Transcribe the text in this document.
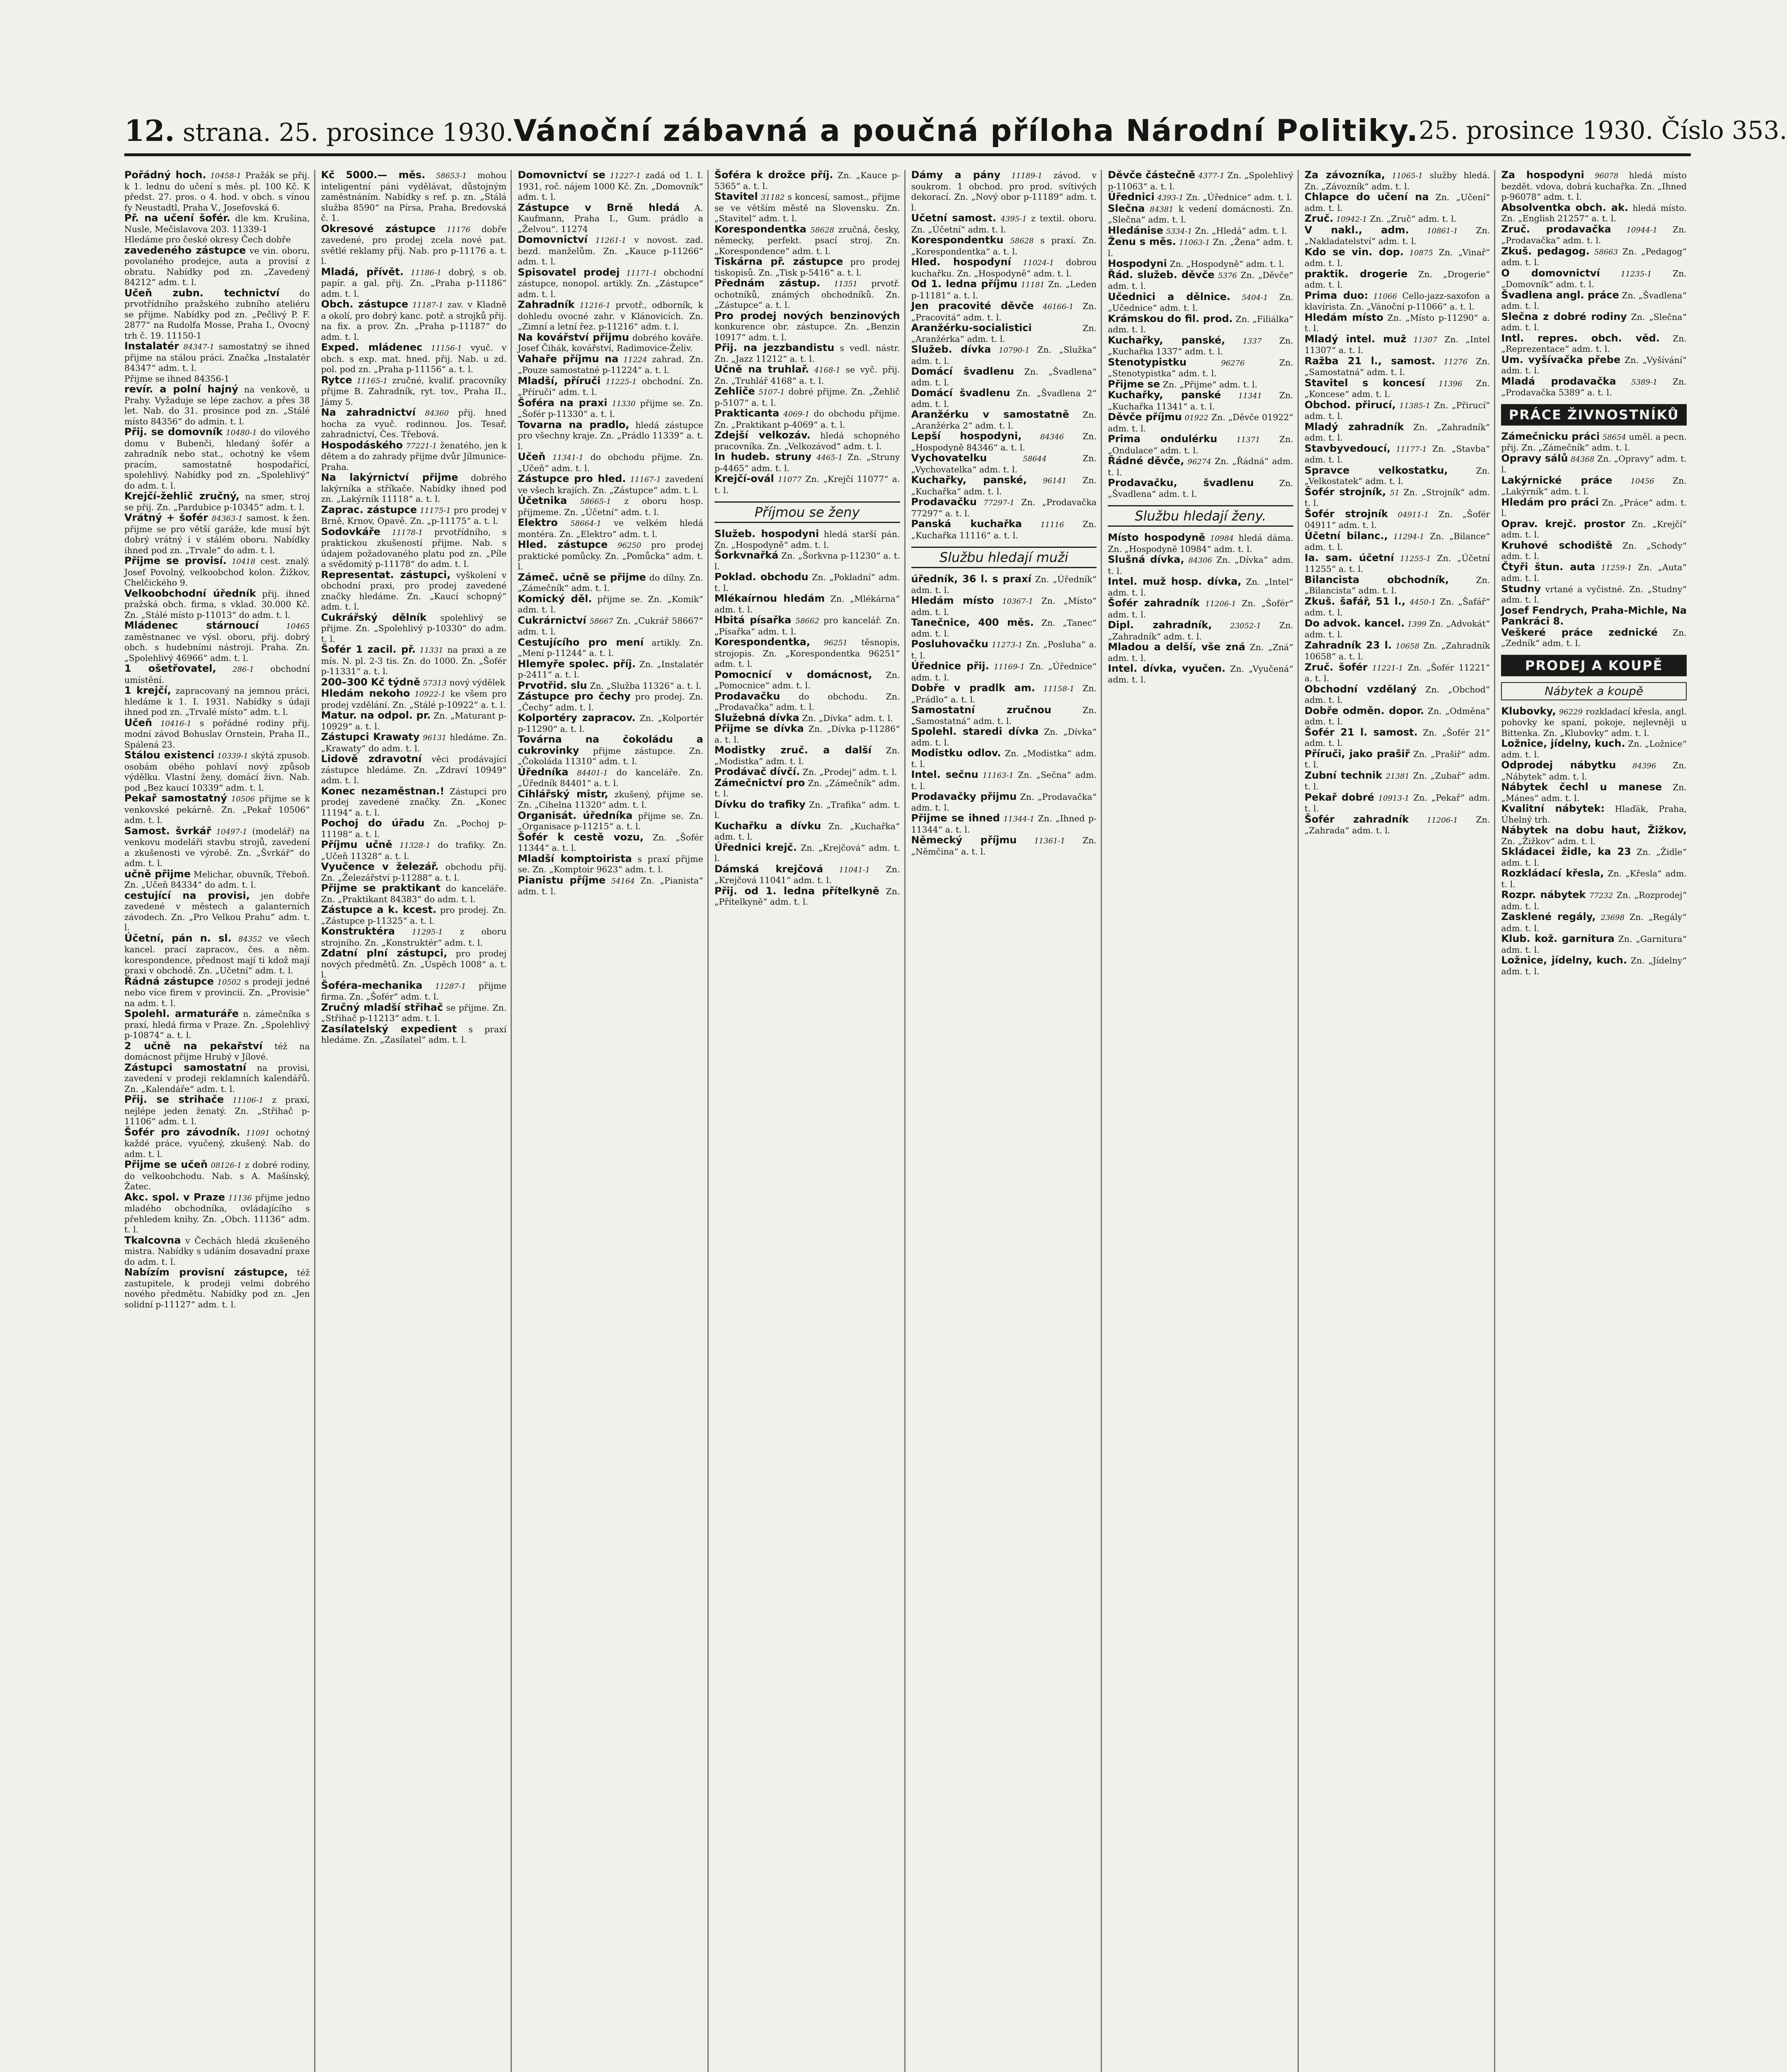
12. strana. 25. prosince 1930. Vánoční zábavná a poučná příloha Národní Politiky. 25. prosince 1930. Číslo 353.

Pořádný hoch. 10458-1 Pražák se přij. k 1. lednu do učení s měs. pl. 100 Kč. K předst. 27. pros. o 4. hod. v obch. s vínou fy Neustadtl, Praha V., Josefovská 6.

Př. na učení šofér. dle km. Krušina, Nusle, Mečislavova 203. 11339-1

Hledáme pro české okresy Čech dobře

zavedeného zástupce ve vin. oboru, povolaného prodejce, auta a provisí z obratu. Nabídky pod zn. „Zavedený 84212“ adm. t. l.

Učeň zubn. technictví do prvotřídního pražského zubního ateliéru se přijme. Nabídky pod zn. „Pečlivý P. F. 2877“ na Rudolfa Mosse, Praha I., Ovocný trh č. 19. 11150-1

Instalatér 84347-1 samostatný se ihned přijme na stálou práci. Značka „Instalatér 84347“ adm. t. l.

Přijme se ihned 84356-1

revír. a polní hajný na venkově, u Prahy. Vyžaduje se lépe zachov. a přes 38 let. Nab. do 31. prosince pod zn. „Stálé místo 84356“ do admin. t. l.

Přij. se domovník 10480-1 do vilového domu v Bubenči, hledaný šofér a zahradník nebo stat., ochotný ke všem pracím, samostatně hospodařící, spolehlivý. Nabídky pod zn. „Spolehlivý“ do adm. t. l.

Krejčí-žehlič zručný, na smer, stroj se přij. Zn. „Pardubice p-10345“ adm. t. l.

Vrátný + šofér 84363-1 samost. k žen. přijme se pro větší garáže, kde musí být dobrý vrátný i v stálém oboru. Nabídky ihned pod zn. „Trvale“ do adm. t. l.

Přijme se provisí. 10418 cest. znalý. Josef Povolný, velkoobchod kolon. Žižkov, Chelčického 9.

Velkoobchodní úředník přij. ihned pražská obch. firma, s vklad. 30.000 Kč. Zn. „Stálé místo p-11013“ do adm. t. l.

Mládenec stárnoucí	10465 zaměstnanec ve výsl. oboru, přij. dobrý obch. s hudebními nástroji. Praha. Zn. „Spolehlivý 46966“ adm. t. l.

1 ošetřovatel, 286-1 obchodní umístění.

1 krejčí, zapracovaný na jemnou práci, hledáme k 1. I. 1931. Nabídky s údaji ihned pod zn. „Trvalé místo“ adm. t. l.

Učeň 10416-1 s pořádné rodiny přij. modní závod Bohuslav Ornstein, Praha II., Spálená 23.

Stálou existenci 10339-1 skýtá zpusob. osobám obého pohlaví nový způsob výdělku. Vlastní ženy, domácí živn. Nab. pod „Bez kaucí 10339“ adm. t. l.

Pekař samostatný 10506 přijme se k venkovské pekárně. Zn. „Pekař 10506“ adm. t. l.

Samost. švrkář 10497-1 (modelář) na venkovu modeláři stavbu strojů, zavedení a zkušenosti ve výrobě. Zn. „Švrkář“ do adm. t. l.

učně přijme Melichar, obuvník, Třeboň. Zn. „Učeň 84334“ do adm. t. l.

cestující na provisi, jen dobře zavedené v městech a galanterních závodech. Zn. „Pro Velkou Prahu“ adm. t. l.

Účetní, pán n. sl. 84352 ve všech kancel. prací zapracov., čes. a něm. korespondence, přednost mají ti kdož mají praxi v obchodě. Zn. „Učetní“ adm. t. l.

Řádná zástupce 10502 s prodeji jedné nebo více firem v provincii. Zn. „Provisie“ na adm. t. l.

Spolehl. armaturáře n. zámečníka s praxí, hledá firma v Praze. Zn. „Spolehlivý p-10874“ a. t. l.

2 učně na pekařství též na domácnost přijme Hrubý v Jílové.

Zástupci samostatní na provisi, zavedení v prodeji reklamních kalendářů. Zn. „Kalendáře“ adm. t. l.

Přij. se strihače 11106-1 z praxí, nejlépe jeden ženatý. Zn. „Střihač p-11106“ adm. t. l.

Šofér pro závodník. 11091 ochotný každé práce, vyučený, zkušený. Nab. do adm. t. l.

Přijme se učeň 08126-1 z dobré rodiny, do velkoobchodu. Nab. s A. Mašínský, Žatec.

Akc. spol. v Praze 11136 přijme jedno mladého obchodníka, ovládajícího s přehledem knihy. Zn. „Obch. 11136“ adm. t. l.

Tkalcovna v Čechách hledá zkušeného mistra. Nabídky s udáním dosavadní praxe do adm. t. l.

Nabízím provisní zástupce, též zastupitele, k prodeji velmi dobrého nového předmětu. Nabídky pod zn. „Jen solidní p-11127“ adm. t. l.

Kč 5000.— měs. 58653-1 mohou inteligentní páni vydělávat, důstojným zaměstnáním. Nabídky s ref. p. zn. „Stálá služba 8590“ na Pírsa, Praha, Bredovská č. 1.

Okresové zástupce 11176 dobře zavedené, pro prodej zcela nové pat. světlé reklamy přij. Nab. pro p-11176 a. t. l.

Mladá, přívět. 11186-1 dobrý, s ob. papír. a gal. přij. Zn. „Praha p-11186“ adm. t. l.

Obch. zástupce 11187-1 zav. v Kladně a okolí, pro dobrý kanc. potř. a strojků přij. na fix. a prov. Zn. „Praha p-11187“ do adm. t. l.

Exped. mládenec 11156-1 vyuč. v obch. s exp. mat. hned. přij. Nab. u zd. pol. pod zn. „Praha p-11156“ a. t. l.

Rytce 11165-1 zručné, kvalif. pracovníky přijme B. Zahradník, ryt. tov., Praha II., Jámy 5.

Na zahradnictví 84360 přij. hned hocha za vyuč. rodinnou. Jos. Tesař, zahradnictví, Čes. Třebová.

Hospodáského 77221-1 ženatého, jen k dětem a do zahrady přijme dvůr Jílmunice-Praha.

Na lakýrnictví přijme dobrého lakýrníka a stříkače. Nabídky ihned pod zn. „Lakýrník 11118“ a. t. l.

Zaprac. zástupce 11175-1 pro prodej v Brně, Krnov, Opavě. Zn. „p-11175“ a. t. l.

Sodovkáře 11178-1 prvotřídního, s praktickou zkušeností přijme. Nab. s údajem požadovaného platu pod zn. „Píle a svědomitý p-11178“ do adm. t. l.

Representat. zástupci, vyškolení v obchodní praxi, pro prodej zavedené značky hledáme. Zn. „Kaucí schopný“ adm. t. l.

Cukrářský dělník spolehlivý se přijme. Zn. „Spolehlivý p-10330“ do adm. t. l.

Šofér 1 zacil. př. 11331 na praxi a ze mís. N. pl. 2-3 tis. Zn. do 1000. Zn. „Šofér p-11331“ a. t. l.

200–300 Kč týdně 57313 nový výdělek

Hledám nekoho 10922-1 ke všem pro prodej vzdělání. Zn. „Stálé p-10922“ a. t. l.

Matur. na odpol. pr. Zn. „Maturant p-10929“ a. t. l.

Zástupci Krawaty 96131 hledáme. Zn. „Krawaty“ do adm. t. l.

Lidově zdravotní věci prodávající zástupce hledáme. Zn. „Zdraví 10949“ adm. t. l.

Konec nezaměstnan.! Zástupci pro prodej zavedené značky. Zn. „Konec 11194“ a. t. l.

Pochoj do úřadu Zn. „Pochoj p-11198“ a. t. l.

Příjmu učně 11328-1 do trafiky. Zn. „Učeň 11328“ a. t. l.

Vyučence v železář. obchodu přij. Zn. „Železářství p-11288“ a. t. l.

Přijme se praktikant do kanceláře. Zn. „Praktikant 84383“ do adm. t. l.

Zástupce a k. kcest. pro prodej. Zn. „Zástupce p-11325“ a. t. l.

Konstruktéra 11295-1 z oboru strojního. Zn. „Konstruktér“ adm. t. l.

Zdatní plní zástupci, pro prodej nových předmětů. Zn. „Úspěch 1008“ a. t. l.

Šoféra-mechanika 11287-1 přijme firma. Zn. „Šofér“ adm. t. l.

Zručný mladší střihač se přijme. Zn. „Střihač p-11213“ adm. t. l.

Zasílatelský expedient s praxí hledáme. Zn. „Zasílatel“ adm. t. l.

Domovnictví se 11227-1 zadá od 1. I. 1931, roč. nájem 1000 Kč. Zn. „Domovník“ adm. t. l.

Zástupce v Brně hledá A. Kaufmann, Praha I., Gum. prádlo a „Želvou“. 11274

Domovnictví 11261-1 v novost. zad. bezd. manželům. Zn. „Kauce p-11266“ adm. t. l.

Spisovatel prodej 11171-1 obchodní zástupce, nonopol. artikly. Zn. „Zástupce“ adm. t. l.

Zahradník 11216-1 prvotř., odborník, k dohledu ovocné zahr. v Klánovicích. Zn. „Zimní a letní řez. p-11216“ adm. t. l.

Na kovářství přijmu dobrého kováře. Josef Čihák, kovářství, Radimovice-Želiv.

Vahaře příjmu na 11224 zahrad. Zn. „Pouze samostatné p-11224“ a. t. l.

Mladší, příruči 11225-1 obchodní. Zn. „Příruči“ adm. t. l.

Šoféra na praxi 11330 přijme se. Zn. „Šofér p-11330“ a. t. l.

Tovarna na pradlo, hledá zástupce pro všechny kraje. Zn. „Prádlo 11339“ a. t. l.

Učeň 11341-1 do obchodu přijme. Zn. „Učeň“ adm. t. l.

Zástupce pro hled. 11167-1 zavedení ve všech krajích. Zn. „Zástupce“ adm. t. l.

Účetnika 58665-1 z oboru hosp. přijmeme. Zn. „Účetní“ adm. t. l.

Elektro 58664-1 ve velkém hledá montéra. Zn. „Elektro“ adm. t. l.

Hled. zástupce 96250 pro prodej praktické pomůcky. Zn. „Pomůcka“ adm. t. l.

Zámeč. učně se přijme do dílny. Zn. „Zámečník“ adm. t. l.

Komický děl. přijme se. Zn. „Komik“ adm. t. l.

Cukrárnictví 58667 Zn. „Cukrář 58667“ adm. t. l.

Cestujícího pro mení artikly. Zn. „Mení p-11244“ a. t. l.

Hlemyře spolec. příj. Zn. „Instalatér p-2411“ a. t. l.

Prvotřid. slu Zn. „Služba 11326“ a. t. l.

Zástupce pro čechy pro prodej. Zn. „Čechy“ adm. t. l.

Kolportéry zapracov. Zn. „Kolportér p-11290“ a. t. l.

Továrna na čokoládu a cukrovinky přijme zástupce. Zn. „Čokoláda 11310“ adm. t. l.

Úředníka 84401-1 do kanceláře. Zn. „Úředník 84401“ a. t. l.

Cihlářský mistr, zkušený, přijme se. Zn. „Cihelna 11320“ adm. t. l.

Organisát. úředníka přijme se. Zn. „Organisace p-11215“ a. t. l.

Šofér k cestě vozu, Zn. „Šofér 11344“ a. t. l.

Mladší komptoirista s praxí přijme se. Zn. „Komptoir 9623“ adm. t. l.

Pianistu příjme 54164 Zn. „Pianista“ adm. t. l.

Šoféra k drožce příj. Zn. „Kauce p-5365“ a. t. l.

Stavitel 31182 s koncesí, samost., přijme se ve větším městě na Slovensku. Zn. „Stavitel“ adm. t. l.

Korespondentka 58628 zručná, česky, německy, perfekt. psací stroj. Zn. „Korespondence“ adm. t. l.

Tiskárna př. zástupce pro prodej tiskopisů. Zn. „Tisk p-5416“ a. t. l.

Přednám zástup. 11351 prvotř. ochotníků, známých obchodníků. Zn. „Zástupce“ a. t. l.

Pro prodej nových benzinových konkurence obr. zástupce. Zn. „Benzin 10917“ adm. t. l.

Přij. na jezzbandistu s vedl. nástr. Zn. „Jazz 11212“ a. t. l.

Učně na truhlař. 4168-1 se vyč. přij. Zn. „Truhlář 4168“ a. t. l.

Zehliče 5107-1 dobré přijme. Zn. „Žehlič p-5107“ a. t. l.

Prakticanta 4069-1 do obchodu přijme. Zn. „Praktikant p-4069“ a. t. l.

Zdejší velkozáv. hledá schopného pracovníka. Zn. „Velkozávod“ adm. t. l.

In hudeb. struny 4465-1 Zn. „Struny p-4465“ adm. t. l.

Krejčí-ovál 11077 Zn. „Krejčí 11077“ a. t. l.

Příjmou se ženy

Služeb. hospodyni hledá starší pán. Zn. „Hospodyně“ adm. t. l.

Šorkvnařká Zn. „Šorkvna p-11230“ a. t. l.

Poklad. obchodu Zn. „Pokladní“ adm. t. l.

Mlékaírnou hledám Zn. „Mlékárna“ adm. t. l.

Hbitá písařka 58662 pro kancelář. Zn. „Písařka“ adm. t. l.

Korespondentka, 96251 těsnopis, strojopis. Zn. „Korespondentka 96251“ adm. t. l.

Pomocnicí v domácnost, Zn. „Pomocnice“ adm. t. l.

Prodavačku do obchodu. Zn. „Prodavačka“ adm. t. l.

Služebná dívka Zn. „Dívka“ adm. t. l.

Přijme se dívka Zn. „Dívka p-11286“ a. t. l.

Modistky zruč. a další Zn. „Modistka“ adm. t. l.

Prodávač dívčí. Zn. „Prodej“ adm. t. l.

Zámečnictví pro Zn. „Zámečník“ adm. t. l.

Dívku do trafiky Zn. „Trafika“ adm. t. l.

Kuchařku a dívku Zn. „Kuchařka“ adm. t. l.

Úřednici krejč. Zn. „Krejčová“ adm. t. l.

Dámská krejčová 11041-1 Zn. „Krejčová 11041“ adm. t. l.

Přij. od 1. ledna přítelkyně Zn. „Přítelkyně“ adm. t. l.

Dámy a pány 11189-1 závod. v soukrom. 1 obchod. pro prod. svítivých dekorací. Zn. „Nový obor p-11189“ adm. t. l.

Učetní samost. 4395-1 z textil. oboru. Zn. „Účetní“ adm. t. l.

Korespondentku 58628 s praxí. Zn. „Korespondentka“ a. t. l.

Hled. hospodyní 11024-1 dobrou kuchařku. Zn. „Hospodyně“ adm. t. l.

Od 1. ledna příjmu 11181 Zn. „Leden p-11181“ a. t. l.

Jen pracovité děvče 46166-1 Zn. „Pracovitá“ adm. t. l.

Aranžérku-socialistici	Zn. „Aranžérka“ adm. t. l.

Služeb. dívka 10790-1 Zn. „Služka“ adm. t. l.

Domácí švadlenu Zn. „Švadlena“ adm. t. l.

Domácí švadlenu Zn. „Švadlena 2“ adm. t. l.

Aranžérku v samostatně Zn. „Aranžérka 2“ adm. t. l.

Lepší hospodyni, 84346 Zn. „Hospodyně 84346“ a. t. l.

Vychovatelku	58644	Zn. „Vychovatelka“ adm. t. l.

Kuchařky, panské, 96141 Zn. „Kuchařka“ adm. t. l.

Prodavačku 77297-1 Zn. „Prodavačka 77297“ a. t. l.

Panská kuchařka 11116 Zn. „Kuchařka 11116“ a. t. l.

Službu hledají muži

úředník, 36 l. s praxí Zn. „Úředník“ adm. t. l.

Hledám místo 10367-1 Zn. „Místo“ adm. t. l.

Tanečnice, 400 měs. Zn. „Tanec“ adm. t. l.

Posluhovačku 11273-1 Zn. „Posluha“ a. t. l.

Úřednice přij. 11169-1 Zn. „Úřednice“ adm. t. l.

Dobře v pradlk am. 11158-1 Zn. „Prádlo“ a. t. l.

Samostatní zručnou	Zn. „Samostatná“ adm. t. l.

Spolehl. staredi dívka Zn. „Dívka“ adm. t. l.

Modistku odlov. Zn. „Modistka“ adm. t. l.

Intel. sečnu 11163-1 Zn. „Sečna“ adm. t. l.

Prodavačky přijmu Zn. „Prodavačka“ adm. t. l.

Přijme se ihned 11344-1 Zn. „Ihned p-11344“ a. t. l.

Německý příjmu 11361-1 Zn. „Němčina“ a. t. l.

Děvče částečně 4377-1 Zn. „Spolehlivý p-11063“ a. t. l.

Úřednici 4393-1 Zn. „Úřednice“ adm. t. l.

Slečna 84381 k vedení domácnosti. Zn. „Slečna“ adm. t. l.

Hledánise 5334-1 Zn. „Hledá“ adm. t. l.

Ženu s měs. 11063-1 Zn. „Žena“ adm. t. l.

Hospodyni Zn. „Hospodyně“ adm. t. l.

Řád. služeb. děvče 5376 Zn. „Děvče“ adm. t. l.

Učednici a dělnice. 5404-1 Zn. „Učednice“ adm. t. l.

Krámskou do fil. prod. Zn. „Filiálka“ adm. t. l.

Kuchařky, panské, 1337 Zn. „Kuchařka 1337“ adm. t. l.

Stenotypistku	96276	Zn. „Stenotypistka“ adm. t. l.

Přijme se Zn. „Přijme“ adm. t. l.

Kuchařky, panské 11341 Zn. „Kuchařka 11341“ a. t. l.

Děvče příjmu 01922 Zn. „Děvče 01922“ adm. t. l.

Prima ondulérku	11371 Zn. „Ondulace“ adm. t. l.

Řádné děvče, 96274 Zn. „Řádná“ adm. t. l.

Prodavačku, švadlenu	Zn. „Švadlena“ adm. t. l.

Službu hledají ženy.

Místo hospodyně 10984 hledá dáma. Zn. „Hospodyně 10984“ adm. t. l.

Slušná dívka, 84306 Zn. „Dívka“ adm. t. l.

Intel. muž hosp. dívka, Zn. „Intel“ adm. t. l.

Šofér zahradník 11206-1 Zn. „Šofér“ adm. t. l.

Dipl. zahradník, 23052-1 Zn. „Zahradník“ adm. t. l.

Mladou a delší, vše zná Zn. „Zná“ adm. t. l.

Intel. dívka, vyučen. Zn. „Vyučená“ adm. t. l.

Za závozníka, 11065-1 služby hledá. Zn. „Závozník“ adm. t. l.

Chlapce do učení na Zn. „Učení“ adm. t. l.

Zruč. 10942-1 Zn. „Zruč“ adm. t. l.

V nakl., adm. 10861-1 Zn. „Nakladatelství“ adm. t. l.

Kdo se vin. dop. 10875 Zn. „Vinař“ adm. t. l.

praktik. drogerie Zn. „Drogerie“ adm. t. l.

Prima duo: 11066 Cello-jazz-saxofon a klavírista. Zn. „Vánoční p-11066“ a. t. l.

Hledám místo Zn. „Místo p-11290“ a. t. l.

Mladý intel. muž 11307 Zn. „Intel 11307“ a. t. l.

Ražba 21 l., samost. 11276 Zn. „Samostatná“ adm. t. l.

Stavitel s koncesí 11396 Zn. „Koncese“ adm. t. l.

Obchod. přirucí, 11385-1 Zn. „Přirucí“ adm. t. l.

Mladý zahradník Zn. „Zahradník“ adm. t. l.

Stavbyvedoucí, 11177-1 Zn. „Stavba“ adm. t. l.

Spravce velkostatku,	Zn. „Velkostatek“ adm. t. l.

Šofér strojník, 51 Zn. „Strojník“ adm. t. l.

Šofér strojník 04911-1 Zn. „Šofér 04911“ adm. t. l.

Účetní bilanc., 11294-1 Zn. „Bilance“ adm. t. l.

Ia. sam. účetní 11255-1 Zn. „Účetní 11255“ a. t. l.

Bilancista obchodník,	Zn. „Bilancista“ adm. t. l.

Zkuš. šafář, 51 l., 4450-1 Zn. „Šafář“ adm. t. l.

Do advok. kancel. 1399 Zn. „Advokát“ adm. t. l.

Zahradník 23 l. 10658 Zn. „Zahradník 10658“ a. t. l.

Zruč. šofér 11221-1 Zn. „Šofér 11221“ a. t. l.

Obchodní vzdělaný Zn. „Obchod“ adm. t. l.

Dobře odměn. dopor. Zn. „Odměna“ adm. t. l.

Šofér 21 l. samost. Zn. „Šofér 21“ adm. t. l.

Příruči, jako prašiř Zn. „Prašiř“ adm. t. l.

Zubní technik 21381 Zn. „Zubař“ adm. t. l.

Pekař dobré 10913-1 Zn. „Pekař“ adm. t. l.

Šofér zahradník 11206-1 Zn. „Zahrada“ adm. t. l.

Za hospodyni 96078 hledá místo bezdět. vdova, dobrá kuchařka. Zn. „Ihned p-96078“ adm. t. l.

Absolventka obch. ak. hledá místo. Zn. „English 21257“ a. t. l.

Zruč. prodavačka 10944-1 Zn. „Prodavačka“ adm. t. l.

Zkuš. pedagog. 58663 Zn. „Pedagog“ adm. t. l.

O domovnictví	11235-1 Zn. „Domovník“ adm. t. l.

Švadlena angl. práce Zn. „Švadlena“ adm. t. l.

Slečna z dobré rodiny Zn. „Slečna“ adm. t. l.

Intl. repres. obch. věd. Zn. „Reprezentace“ adm. t. l.

Um. vyšívačka přebe Zn. „Vyšívání“ adm. t. l.

Mladá prodavačka 5389-1 Zn. „Prodavačka 5389“ a. t. l.

PRÁCE ŽIVNOSTNÍKŮ

Zámečnicku práci 58654 uměl. a pecn. přij. Zn. „Zámečník“ adm. t. l.

Opravy sálů 84368 Zn. „Opravy“ adm. t. l.

Lakýrnické práce 10456 Zn. „Lakýrník“ adm. t. l.

Hledám pro práci Zn. „Práce“ adm. t. l.

Oprav. krejč. prostor Zn. „Krejčí“ adm. t. l.

Kruhové schodiště Zn. „Schody“ adm. t. l.

Čtyři štun. auta 11259-1 Zn. „Auta“ adm. t. l.

Studny vrtané a vyčistné. Zn. „Studny“ adm. t. l.

Josef Fendrych, Praha-Michle, Na Pankráci 8.

Veškeré práce zednické Zn. „Zedník“ adm. t. l.

PRODEJ A KOUPĚ
Nábytek a koupě

Klubovky, 96229 rozkladací křesla, angl. pohovky ke spaní, pokoje, nejlevněji u Bittenka. Zn. „Klubovky“ adm. t. l.

Ložnice, jídelny, kuch. Zn. „Ložnice“ adm. t. l.

Odprodej nábytku 84396 Zn. „Nábytek“ adm. t. l.

Nábytek čechl u manese Zn. „Mánes“ adm. t. l.

Kvalitní nábytek: Hlaďák, Praha, Úhelný trh.

Nábytek na dobu haut, Žižkov, Zn. „Žižkov“ adm. t. l.

Skládacei židle, ka 23 Zn. „Židle“ adm. t. l.

Rozkládací křesla, Zn. „Křesla“ adm. t. l.

Rozpr. nábytek 77232 Zn. „Rozprodej“ adm. t. l.

Zasklené regály, 23698 Zn. „Regály“ adm. t. l.

Klub. kož. garnitura Zn. „Garnitura“ adm. t. l.

Ložnice, jídelny, kuch. Zn. „Jídelny“ adm. t. l.
